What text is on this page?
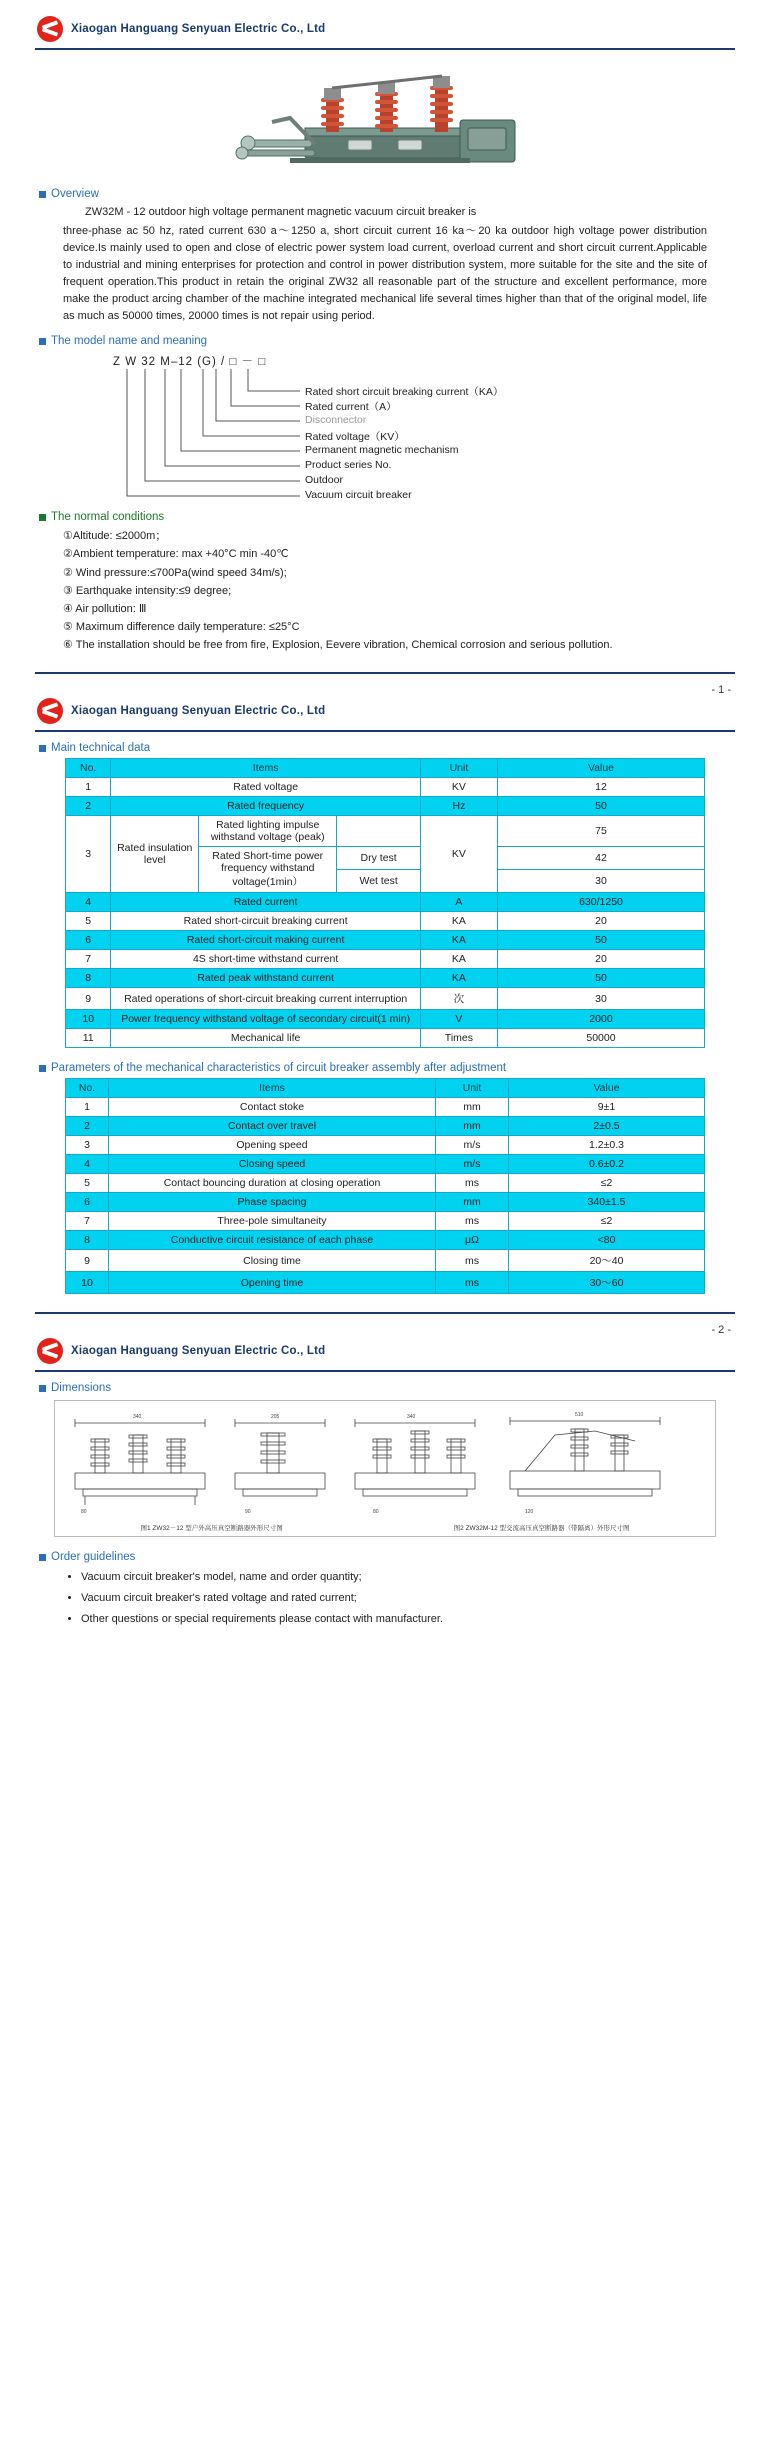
Xiaogan Hanguang Senyuan Electric Co., Ltd
Overview

ZW32M - 12 outdoor high voltage permanent magnetic vacuum circuit breaker is

three-phase ac 50 hz, rated current 630 a～1250 a, short circuit current 16 ka～20 ka outdoor high voltage power distribution device.Is mainly used to open and close of electric power system load current, overload current and short circuit current.Applicable to industrial and mining enterprises for protection and control in power distribution system, more suitable for the site and the site of frequent operation.This product in retain the original ZW32 all reasonable part of the structure and excellent performance, more make the product arcing chamber of the machine integrated mechanical life several times higher than that of the original model, life as much as 50000 times, 20000 times is not repair using period.

The model name and meaning
Z W 32 M–12 (G) / □ － □
Rated short circuit breaking current（KA）
Rated current（A）
Disconnector
Rated voltage（KV）
Permanent magnetic mechanism
Product series No.
Outdoor
Vacuum circuit breaker
The normal conditions
①Altitude: ≤2000m；
②Ambient temperature: max +40°C min -40℃
② Wind pressure:≤700Pa(wind speed 34m/s);
③ Earthquake intensity:≤9 degree;
④ Air pollution: Ⅲ
⑤ Maximum difference daily temperature: ≤25°C
⑥ The installation should be free from fire, Explosion, Eevere vibration, Chemical corrosion and serious pollution.
- 1 -
Xiaogan Hanguang Senyuan Electric Co., Ltd
Main technical data
No.	Items			Unit	Value
1	Rated voltage			KV	12
2	Rated frequency			Hz	50
3	Rated insulation level	Rated lighting impulse withstand voltage (peak)		KV	75
		Rated Short-time power frequency withstand voltage(1min）	Dry test		42
			Wet test		30
4	Rated current			A	630/1250
5	Rated short-circuit breaking current			KA	20
6	Rated short-circuit making current			KA	50
7	4S short-time withstand current			KA	20
8	Rated peak withstand current			KA	50
9	Rated operations of short-circuit breaking current interruption			次	30
10	Power frequency withstand voltage of secondary circuit(1 min)			V	2000
11	Mechanical life			Times	50000
Parameters of the mechanical characteristics of circuit breaker assembly after adjustment
No.	Items	Unit	Value
1	Contact stoke	mm	9±1
2	Contact over travel	mm	2±0.5
3	Opening speed	m/s	1.2±0.3
4	Closing speed	m/s	0.6±0.2
5	Contact bouncing duration at closing operation	ms	≤2
6	Phase spacing	mm	340±1.5
7	Three-pole simultaneity	ms	≤2
8	Conductive circuit resistance of each phase	μΩ	<80
9	Closing time	ms	20～40
10	Opening time	ms	30～60
- 2 -
Xiaogan Hanguang Senyuan Electric Co., Ltd
Dimensions
340	205	340	510
80	90	80	120
图1 ZW32－12 型户外高压真空断路器外形尺寸图	图2 ZW32M-12 型交流高压真空断路器（带隔离）外形尺寸图
Order guidelines
• Vacuum circuit breaker's model, name and order quantity;
• Vacuum circuit breaker's rated voltage and rated current;
• Other questions or special requirements please contact with manufacturer.
